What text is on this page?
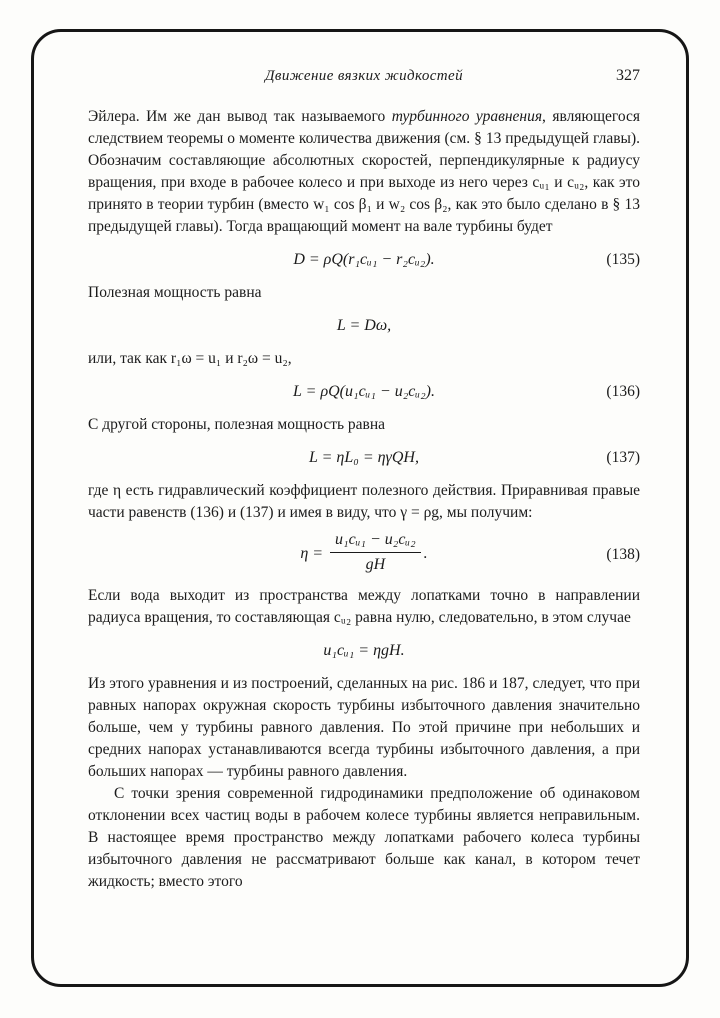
Движение вязких жидкостей	327

Эйлера. Им же дан вывод так называемого турбинного уравнения, являющегося следствием теоремы о моменте количества движения (см. § 13 предыдущей главы). Обозначим составляющие абсолютных скоростей, перпендикулярные к радиусу вращения, при входе в рабочее колесо и при выходе из него через cᵤ₁ и cᵤ₂, как это принято в теории турбин (вместо w₁ cos β₁ и w₂ cos β₂, как это было сделано в § 13 предыдущей главы). Тогда вращающий момент на вале турбины будет

D = ρQ(r₁cᵤ₁ − r₂cᵤ₂).	(135)

Полезная мощность равна

L = Dω,

или, так как r₁ω = u₁ и r₂ω = u₂,

L = ρQ(u₁cᵤ₁ − u₂cᵤ₂).	(136)

С другой стороны, полезная мощность равна

L = ηL₀ = ηγQH,	(137)

где η есть гидравлический коэффициент полезного действия. Приравнивая правые части равенств (136) и (137) и имея в виду, что γ = ρg, мы получим:

$\eta = \frac{\text{u₁cᵤ₁ − u₂cᵤ₂}}{gH}$ .	(138)

Если вода выходит из пространства между лопатками точно в направлении радиуса вращения, то составляющая cᵤ₂ равна нулю, следовательно, в этом случае

u₁cᵤ₁ = ηgH.

Из этого уравнения и из построений, сделанных на рис. 186 и 187, следует, что при равных напорах окружная скорость турбины избыточного давления значительно больше, чем у турбины равного давления. По этой причине при небольших и средних напорах устанавливаются всегда турбины избыточного давления, а при больших напорах — турбины равного давления.

С точки зрения современной гидродинамики предположение об одинаковом отклонении всех частиц воды в рабочем колесе турбины является неправильным. В настоящее время пространство между лопатками рабочего колеса турбины избыточного давления не рассматривают больше как канал, в котором течет жидкость; вместо этого
